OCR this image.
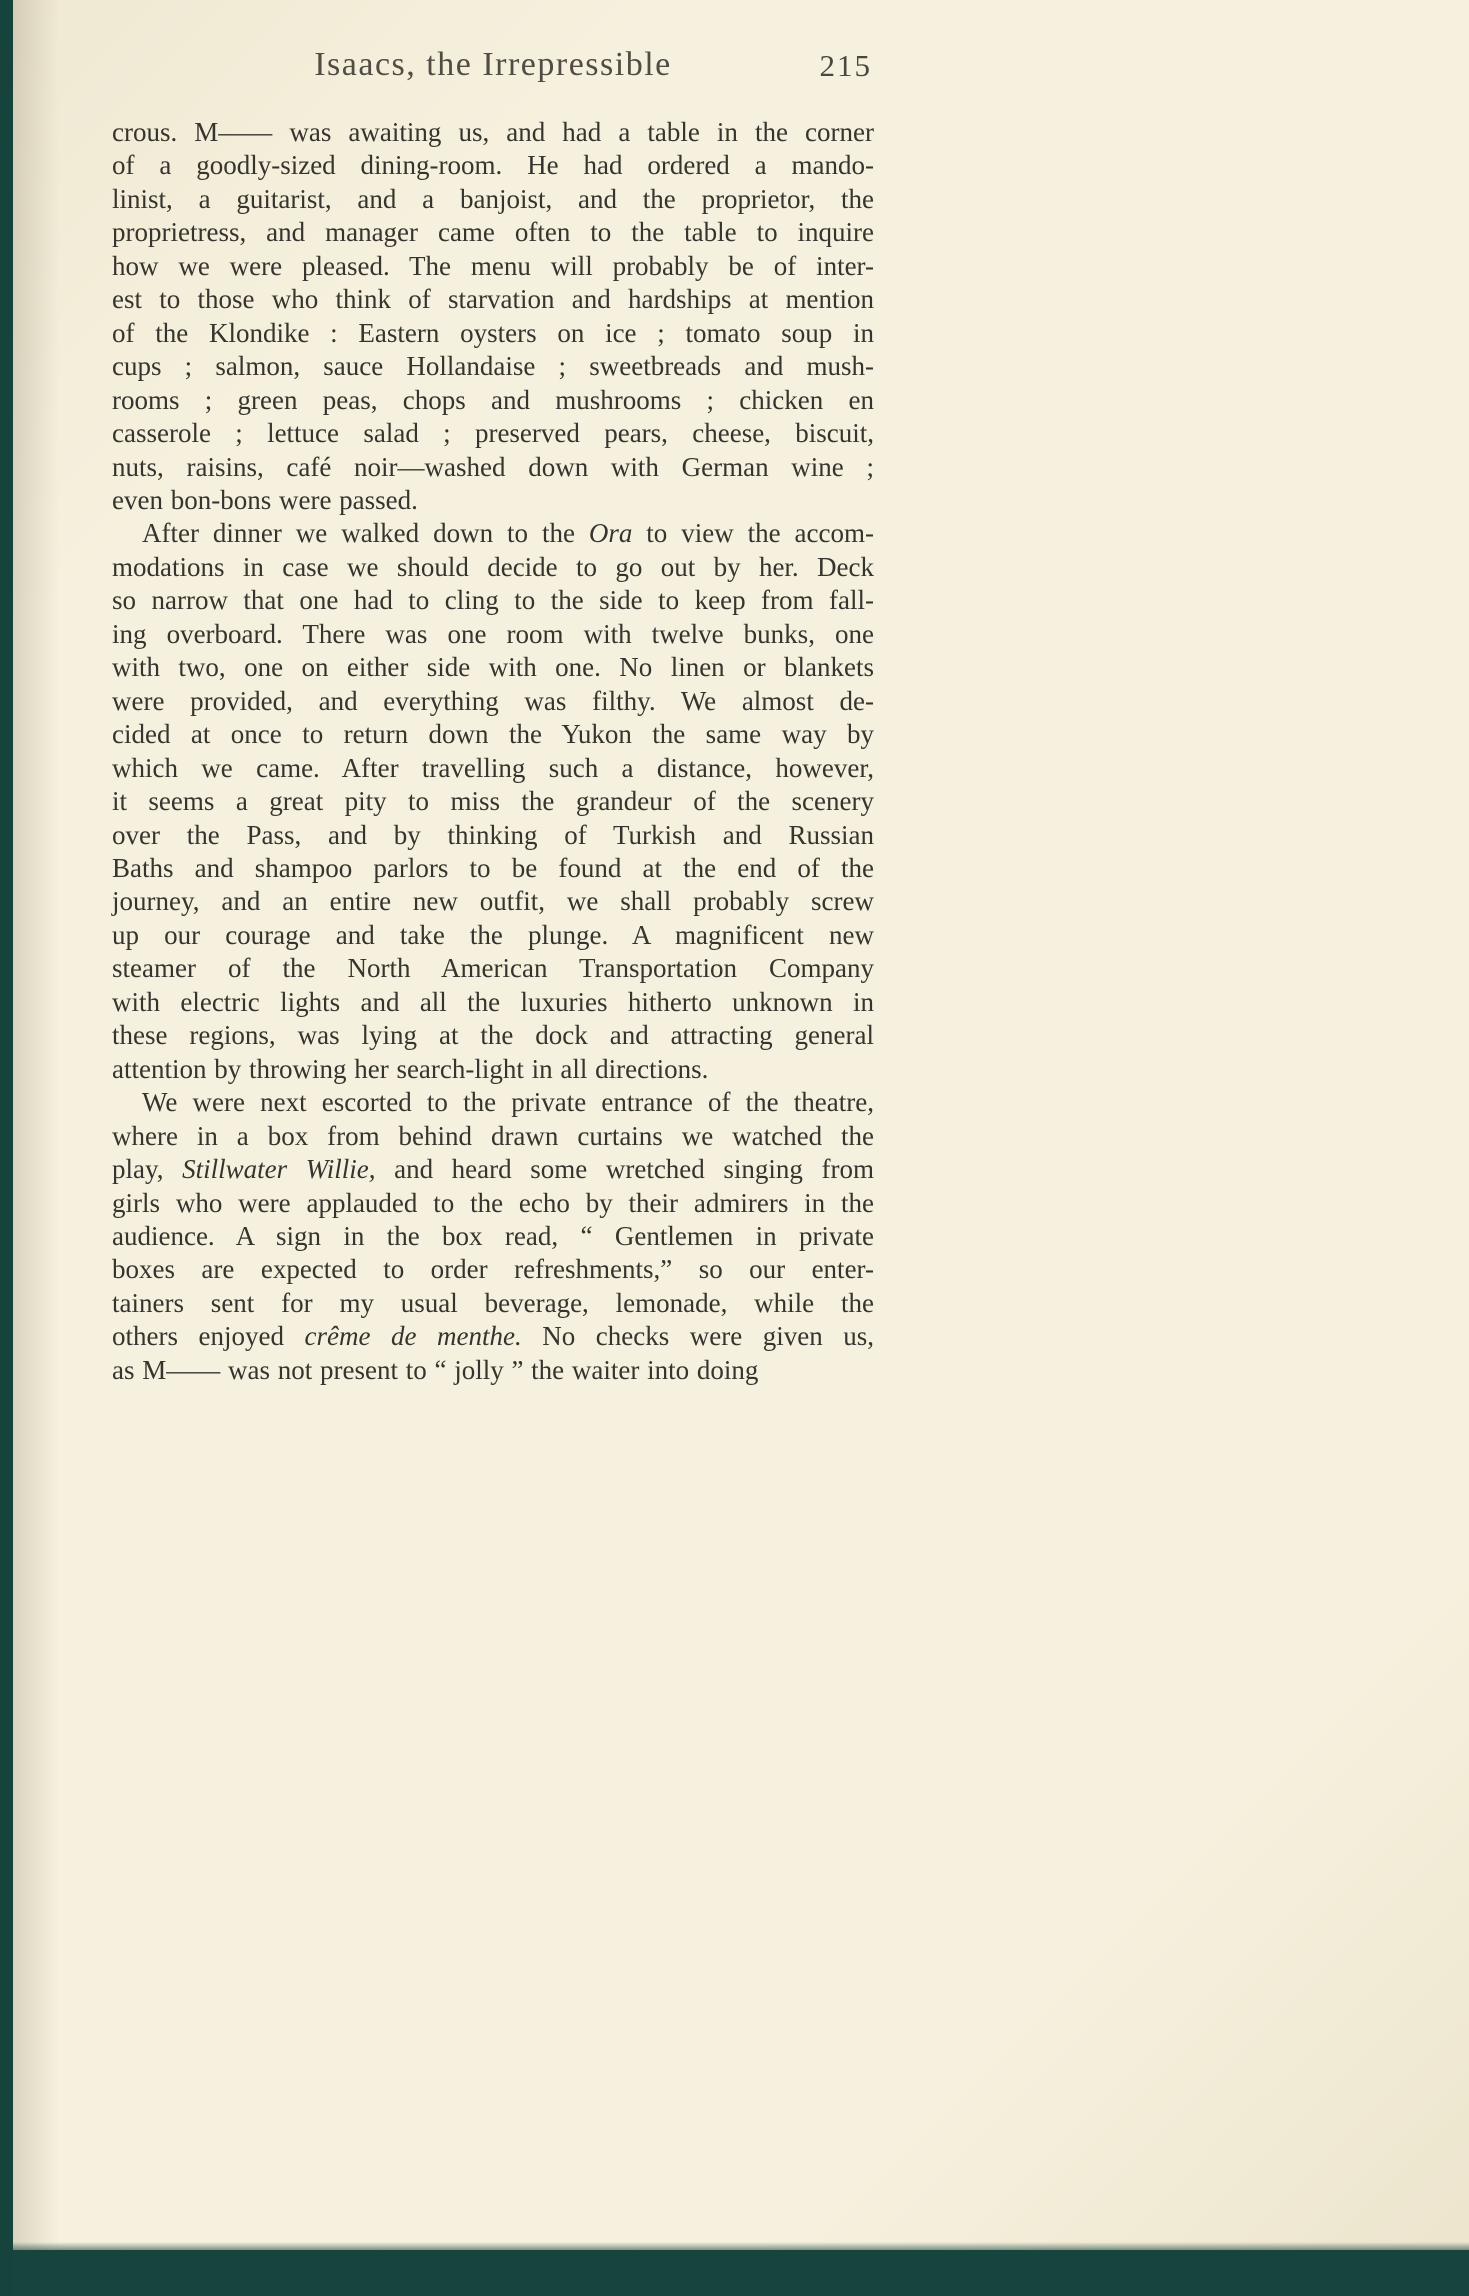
Isaacs, the Irrepressible	215
crous. M—— was awaiting us, and had a table in the corner
of a goodly-sized dining-room. He had ordered a mando-
linist, a guitarist, and a banjoist, and the proprietor, the
proprietress, and manager came often to the table to inquire
how we were pleased. The menu will probably be of inter-
est to those who think of starvation and hardships at mention
of the Klondike : Eastern oysters on ice ; tomato soup in
cups ; salmon, sauce Hollandaise ; sweetbreads and mush-
rooms ; green peas, chops and mushrooms ; chicken en
casserole ; lettuce salad ; preserved pears, cheese, biscuit,
nuts, raisins, café noir—washed down with German wine ;
even bon-bons were passed.
After dinner we walked down to the Ora to view the accom-
modations in case we should decide to go out by her. Deck
so narrow that one had to cling to the side to keep from fall-
ing overboard. There was one room with twelve bunks, one
with two, one on either side with one. No linen or blankets
were provided, and everything was filthy. We almost de-
cided at once to return down the Yukon the same way by
which we came. After travelling such a distance, however,
it seems a great pity to miss the grandeur of the scenery
over the Pass, and by thinking of Turkish and Russian
Baths and shampoo parlors to be found at the end of the
journey, and an entire new outfit, we shall probably screw
up our courage and take the plunge. A magnificent new
steamer of the North American Transportation Company
with electric lights and all the luxuries hitherto unknown in
these regions, was lying at the dock and attracting general
attention by throwing her search-light in all directions.
We were next escorted to the private entrance of the theatre,
where in a box from behind drawn curtains we watched the
play, Stillwater Willie, and heard some wretched singing from
girls who were applauded to the echo by their admirers in the
audience. A sign in the box read, “ Gentlemen in private
boxes are expected to order refreshments,” so our enter-
tainers sent for my usual beverage, lemonade, while the
others enjoyed crême de menthe. No checks were given us,
as M—— was not present to “ jolly ” the waiter into doing
